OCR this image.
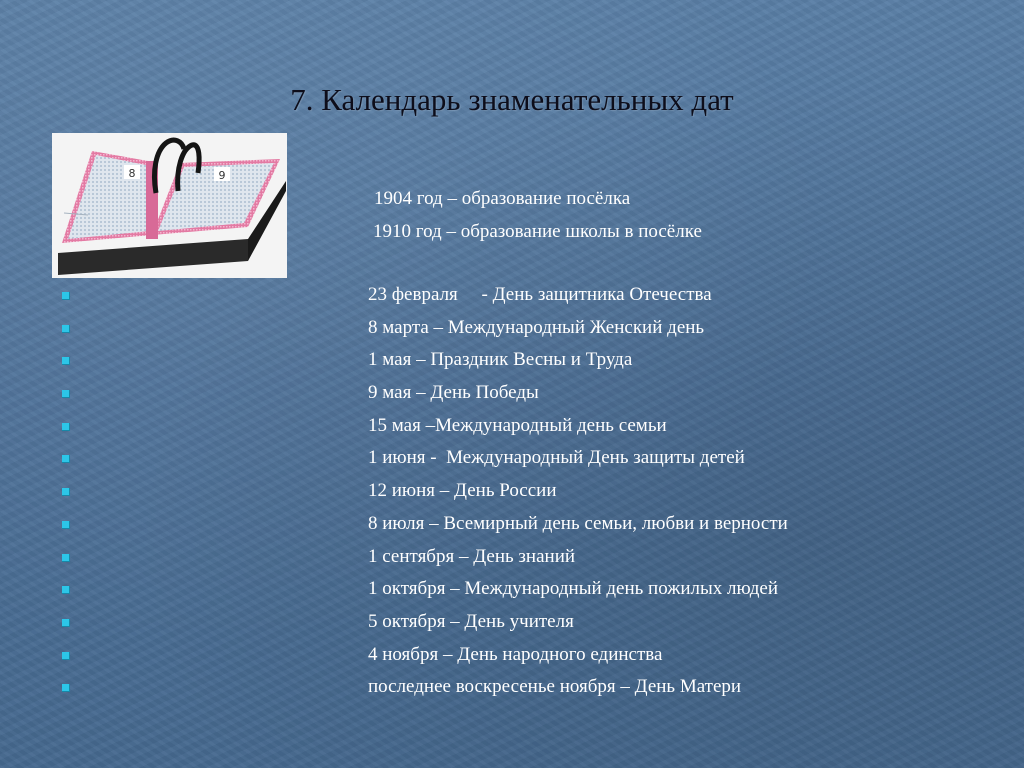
7. Календарь знаменательных дат
8	9
1904 год – образование посёлка
1910 год – образование школы в посёлке
23 февраля     - День защитника Отечества
8 марта – Международный Женский день
1 мая – Праздник Весны и Труда
9 мая – День Победы
15 мая –Международный день семьи
1 июня -  Международный День защиты детей
12 июня – День России
8 июля – Всемирный день семьи, любви и верности
1 сентября – День знаний
1 октября – Международный день пожилых людей
5 октября – День учителя
4 ноября – День народного единства
последнее воскресенье ноября – День Матери
